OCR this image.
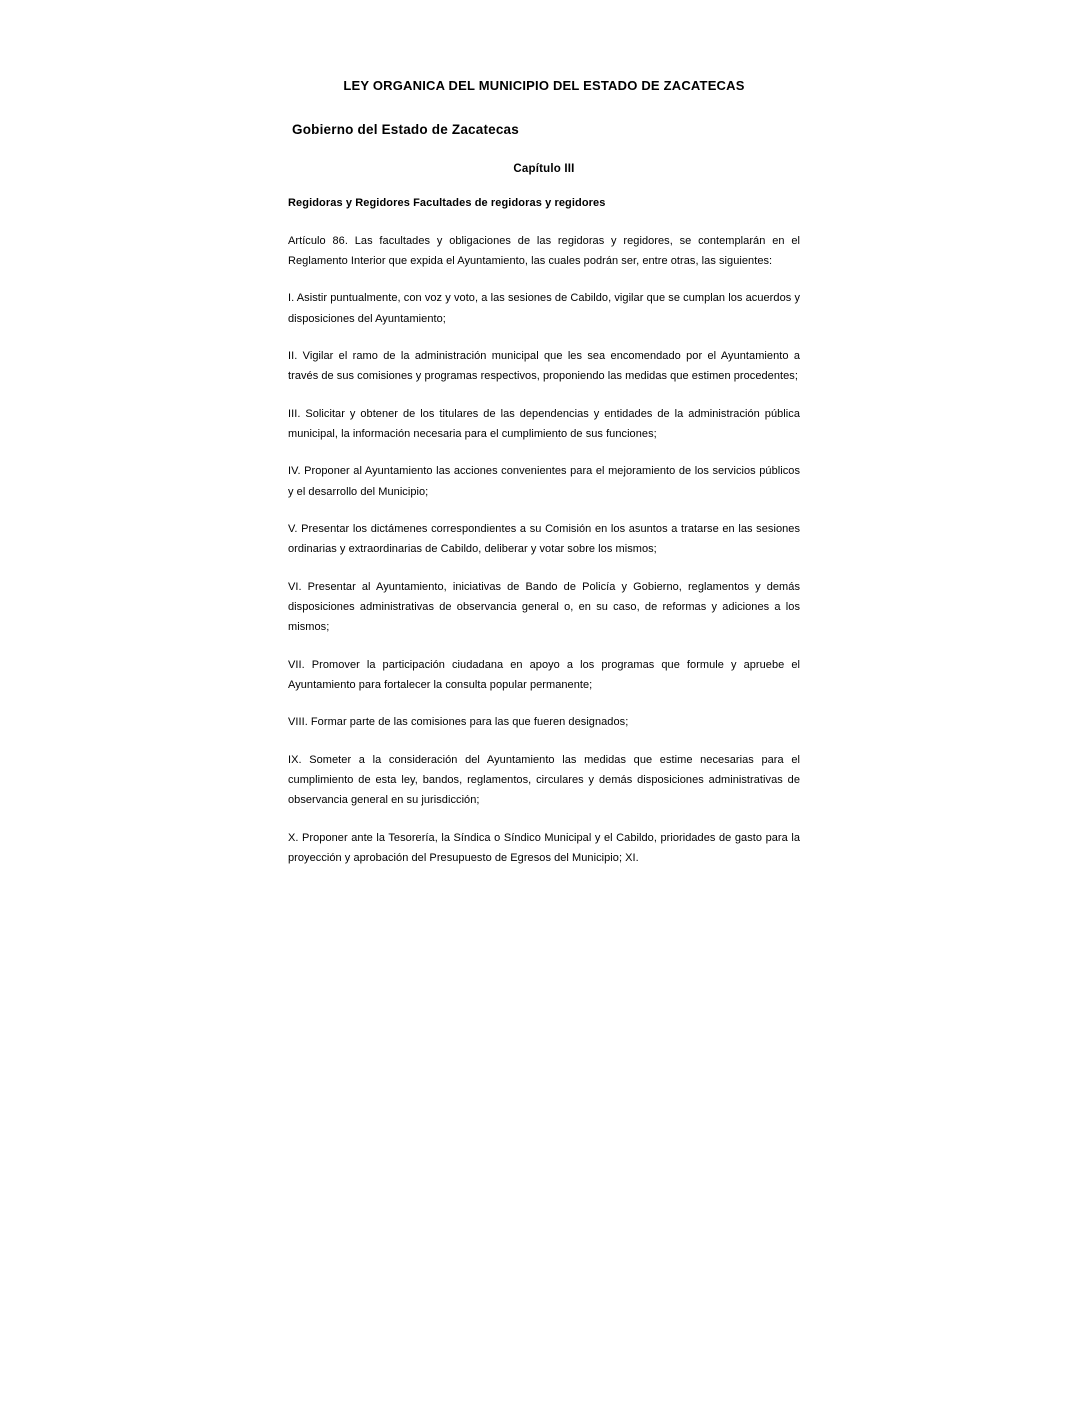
LEY ORGANICA DEL MUNICIPIO DEL ESTADO DE ZACATECAS
Gobierno del Estado de Zacatecas
Capítulo III
Regidoras y Regidores Facultades de regidoras y regidores

Artículo 86. Las facultades y obligaciones de las regidoras y regidores, se contemplarán en el Reglamento Interior que expida el Ayuntamiento, las cuales podrán ser, entre otras, las siguientes:

I. Asistir puntualmente, con voz y voto, a las sesiones de Cabildo, vigilar que se cumplan los acuerdos y disposiciones del Ayuntamiento;

II. Vigilar el ramo de la administración municipal que les sea encomendado por el Ayuntamiento a través de sus comisiones y programas respectivos, proponiendo las medidas que estimen procedentes;

III. Solicitar y obtener de los titulares de las dependencias y entidades de la administración pública municipal, la información necesaria para el cumplimiento de sus funciones;

IV. Proponer al Ayuntamiento las acciones convenientes para el mejoramiento de los servicios públicos y el desarrollo del Municipio;

V. Presentar los dictámenes correspondientes a su Comisión en los asuntos a tratarse en las sesiones ordinarias y extraordinarias de Cabildo, deliberar y votar sobre los mismos;

VI. Presentar al Ayuntamiento, iniciativas de Bando de Policía y Gobierno, reglamentos y demás disposiciones administrativas de observancia general o, en su caso, de reformas y adiciones a los mismos;

VII. Promover la participación ciudadana en apoyo a los programas que formule y apruebe el Ayuntamiento para fortalecer la consulta popular permanente;

VIII. Formar parte de las comisiones para las que fueren designados;

IX. Someter a la consideración del Ayuntamiento las medidas que estime necesarias para el cumplimiento de esta ley, bandos, reglamentos, circulares y demás disposiciones administrativas de observancia general en su jurisdicción;

X. Proponer ante la Tesorería, la Síndica o Síndico Municipal y el Cabildo, prioridades de gasto para la proyección y aprobación del Presupuesto de Egresos del Municipio; XI.
